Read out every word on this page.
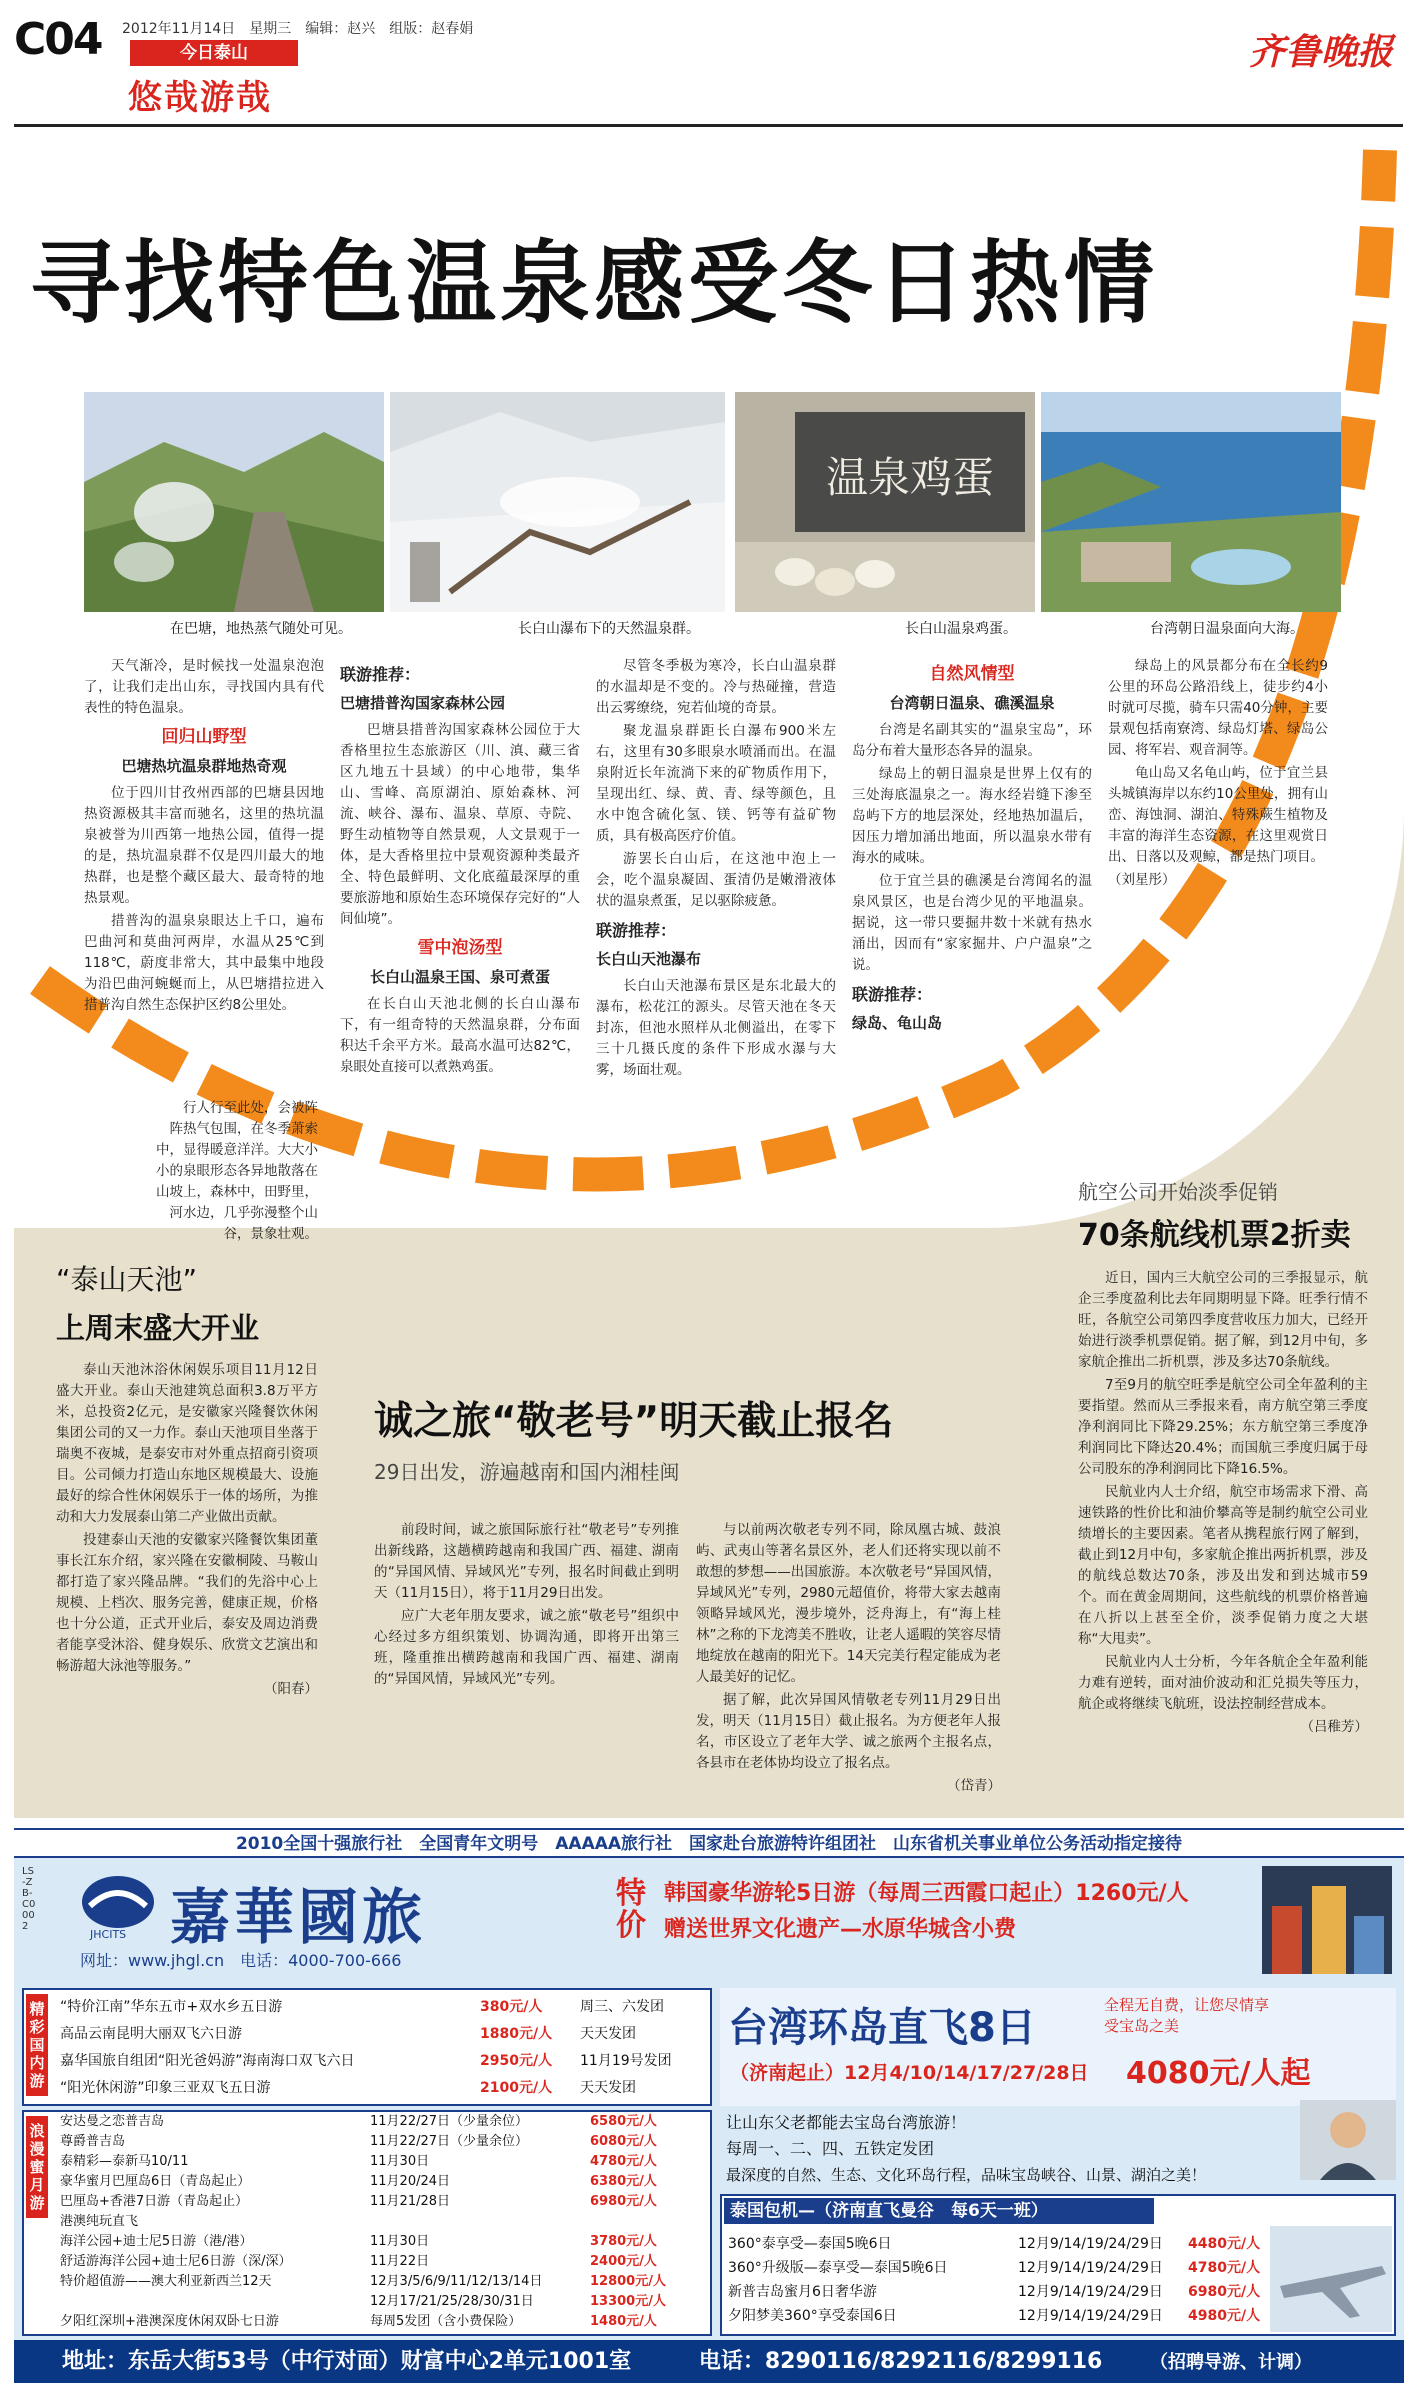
C04 2012年11月14日　星期三　编辑：赵兴　组版：赵春娟
今日泰山
悠哉游哉
齐鲁晚报
寻找特色温泉感受冬日热情
温泉鸡蛋
在巴塘，地热蒸气随处可见。	长白山瀑布下的天然温泉群。	长白山温泉鸡蛋。	台湾朝日温泉面向大海。

天气渐冷，是时候找一处温泉泡泡了，让我们走出山东，寻找国内具有代表性的特色温泉。

回归山野型
巴塘热坑温泉群地热奇观

位于四川甘孜州西部的巴塘县因地热资源极其丰富而驰名，这里的热坑温泉被誉为川西第一地热公园，值得一提的是，热坑温泉群不仅是四川最大的地热群，也是整个藏区最大、最奇特的地热景观。

措普沟的温泉泉眼达上千口，遍布巴曲河和莫曲河两岸，水温从25℃到118℃，蔚度非常大，其中最集中地段为沿巴曲河蜿蜒而上，从巴塘措拉进入措普沟自然生态保护区约8公里处。

行人行至此处，会被阵阵热气包围，在冬季萧索中，显得暖意洋洋。大大小小的泉眼形态各异地散落在山坡上，森林中，田野里，河水边，几乎弥漫整个山谷，景象壮观。

联游推荐：
巴塘措普沟国家森林公园

巴塘县措普沟国家森林公园位于大香格里拉生态旅游区（川、滇、藏三省区九地五十县域）的中心地带，集华山、雪峰、高原湖泊、原始森林、河流、峡谷、瀑布、温泉、草原、寺院、野生动植物等自然景观，人文景观于一体，是大香格里拉中景观资源种类最齐全、特色最鲜明、文化底蕴最深厚的重要旅游地和原始生态环境保存完好的“人间仙境”。

雪中泡汤型
长白山温泉王国、泉可煮蛋

在长白山天池北侧的长白山瀑布下，有一组奇特的天然温泉群，分布面积达千余平方米。最高水温可达82℃，泉眼处直接可以煮熟鸡蛋。

尽管冬季极为寒冷，长白山温泉群的水温却是不变的。冷与热碰撞，营造出云雾缭绕，宛若仙境的奇景。

聚龙温泉群距长白瀑布900米左右，这里有30多眼泉水喷涌而出。在温泉附近长年流淌下来的矿物质作用下，呈现出红、绿、黄、青、绿等颜色，且水中饱含硫化氢、镁、钙等有益矿物质，具有极高医疗价值。

游罢长白山后，在这池中泡上一会，吃个温泉凝固、蛋清仍是嫩滑液体状的温泉煮蛋，足以驱除疲惫。

联游推荐：
长白山天池瀑布

长白山天池瀑布景区是东北最大的瀑布，松花江的源头。尽管天池在冬天封冻，但池水照样从北侧溢出，在零下三十几摄氏度的条件下形成水瀑与大雾，场面壮观。

自然风情型
台湾朝日温泉、礁溪温泉

台湾是名副其实的“温泉宝岛”，环岛分布着大量形态各异的温泉。

绿岛上的朝日温泉是世界上仅有的三处海底温泉之一。海水经岩缝下渗至岛屿下方的地层深处，经地热加温后，因压力增加涌出地面，所以温泉水带有海水的咸味。

位于宜兰县的礁溪是台湾闻名的温泉风景区，也是台湾少见的平地温泉。据说，这一带只要掘井数十米就有热水涌出，因而有“家家掘井、户户温泉”之说。

联游推荐：
绿岛、龟山岛

绿岛上的风景都分布在全长约9公里的环岛公路沿线上，徒步约4小时就可尽揽，骑车只需40分钟，主要景观包括南寮湾、绿岛灯塔、绿岛公园、将军岩、观音洞等。

龟山岛又名龟山屿，位于宜兰县头城镇海岸以东约10公里处，拥有山峦、海蚀洞、湖泊、特殊蕨生植物及丰富的海洋生态资源，在这里观赏日出、日落以及观鲸，都是热门项目。

（刘星彤）
“泰山天池”
上周末盛大开业

泰山天池沐浴休闲娱乐项目11月12日盛大开业。泰山天池建筑总面积3.8万平方米，总投资2亿元，是安徽家兴隆餐饮休闲集团公司的又一力作。泰山天池项目坐落于瑞奥不夜城，是泰安市对外重点招商引资项目。公司倾力打造山东地区规模最大、设施最好的综合性休闲娱乐于一体的场所，为推动和大力发展泰山第二产业做出贡献。

投建泰山天池的安徽家兴隆餐饮集团董事长江东介绍，家兴隆在安徽桐陵、马鞍山都打造了家兴隆品牌。“我们的先浴中心上规模、上档次、服务完善，健康正规，价格也十分公道，正式开业后，泰安及周边消费者能享受沐浴、健身娱乐、欣赏文艺演出和畅游超大泳池等服务。”

（阳春）
诚之旅“敬老号”明天截止报名
29日出发，游遍越南和国内湘桂闽

前段时间，诚之旅国际旅行社“敬老号”专列推出新线路，这趟横跨越南和我国广西、福建、湖南的“异国风情、异域风光”专列，报名时间截止到明天（11月15日），将于11月29日出发。

应广大老年朋友要求，诚之旅“敬老号”组织中心经过多方组织策划、协调沟通，即将开出第三班，隆重推出横跨越南和我国广西、福建、湖南的“异国风情，异域风光”专列。

与以前两次敬老专列不同，除凤凰古城、鼓浪屿、武夷山等著名景区外，老人们还将实现以前不敢想的梦想——出国旅游。本次敬老号“异国风情，异域风光”专列，2980元超值价，将带大家去越南领略异域风光，漫步境外，泛舟海上，有“海上桂林”之称的下龙湾美不胜收，让老人遥暇的笑容尽情地绽放在越南的阳光下。14天完美行程定能成为老人最美好的记忆。

据了解，此次异国风情敬老专列11月29日出发，明天（11月15日）截止报名。为方便老年人报名，市区设立了老年大学、诚之旅两个主报名点，各县市在老体协均设立了报名点。

（岱青）
航空公司开始淡季促销
70条航线机票2折卖

近日，国内三大航空公司的三季报显示，航企三季度盈利比去年同期明显下降。旺季行情不旺，各航空公司第四季度营收压力加大，已经开始进行淡季机票促销。据了解，到12月中旬，多家航企推出二折机票，涉及多达70条航线。

7至9月的航空旺季是航空公司全年盈利的主要指望。然而从三季报来看，南方航空第三季度净利润同比下降29.25%；东方航空第三季度净利润同比下降达20.4%；而国航三季度归属于母公司股东的净利润同比下降16.5%。

民航业内人士介绍，航空市场需求下滑、高速铁路的性价比和油价攀高等是制约航空公司业绩增长的主要因素。笔者从携程旅行网了解到，截止到12月中旬，多家航企推出两折机票，涉及的航线总数达70条，涉及出发和到达城市59个。而在黄金周期间，这些航线的机票价格普遍在八折以上甚至全价，淡季促销力度之大堪称“大甩卖”。

民航业内人士分析，今年各航企全年盈利能力难有逆转，面对油价波动和汇兑损失等压力，航企或将继续飞航班，设法控制经营成本。

（吕稚芳）
2010全国十强旅行社　全国青年文明号　AAAAA旅行社　国家赴台旅游特许组团社　山东省机关事业单位公务活动指定接待
LS-ZB-C0002
JHCITS 嘉華國旅
网址：www.jhgl.cn　电话：4000-700-666
特价
韩国豪华游轮5日游（每周三西霞口起止）1260元/人
赠送世界文化遗产—水原华城含小费
精彩国内游
“特价江南”华东五市+双水乡五日游	380元/人	周三、六发团
高品云南昆明大丽双飞六日游	1880元/人	天天发团
嘉华国旅自组团“阳光爸妈游”海南海口双飞六日	2950元/人	11月19号发团
“阳光休闲游”印象三亚双飞五日游	2100元/人	天天发团
台湾环岛直飞8日	全程无自费，让您尽情享受宝岛之美
（济南起止）12月4/10/14/17/27/28日 4080元/人起
浪漫蜜月游
安达曼之恋普吉岛	11月22/27日（少量余位）	6580元/人
尊爵普吉岛	11月22/27日（少量余位）	6080元/人
泰精彩—泰新马10/11	11月30日	4780元/人
豪华蜜月巴厘岛6日（青岛起止）	11月20/24日	6380元/人
巴厘岛+香港7日游（青岛起止）	11月21/28日	6980元/人
港澳纯玩直飞
海洋公园+迪士尼5日游（港/港）	11月30日	3780元/人
舒适游海洋公园+迪士尼6日游（深/深）	11月22日	2400元/人
特价超值游——澳大利亚新西兰12天	12月3/5/6/9/11/12/13/14日	12800元/人
12月17/21/25/28/30/31日	13300元/人
夕阳红深圳+港澳深度休闲双卧七日游	每周5发团（含小费保险）	1480元/人
让山东父老都能去宝岛台湾旅游！
每周一、二、四、五铁定发团
最深度的自然、生态、文化环岛行程，品味宝岛峡谷、山景、湖泊之美！
泰国包机—（济南直飞曼谷　每6天一班）
360°泰享受—泰国5晚6日	12月9/14/19/24/29日	4480元/人
360°升级版—泰享受—泰国5晚6日	12月9/14/19/24/29日	4780元/人
新普吉岛蜜月6日奢华游	12月9/14/19/24/29日	6980元/人
夕阳梦美360°享受泰国6日	12月9/14/19/24/29日	4980元/人
地址：东岳大街53号（中行对面）财富中心2单元1001室	电话：8290116/8292116/8299116	（招聘导游、计调）
